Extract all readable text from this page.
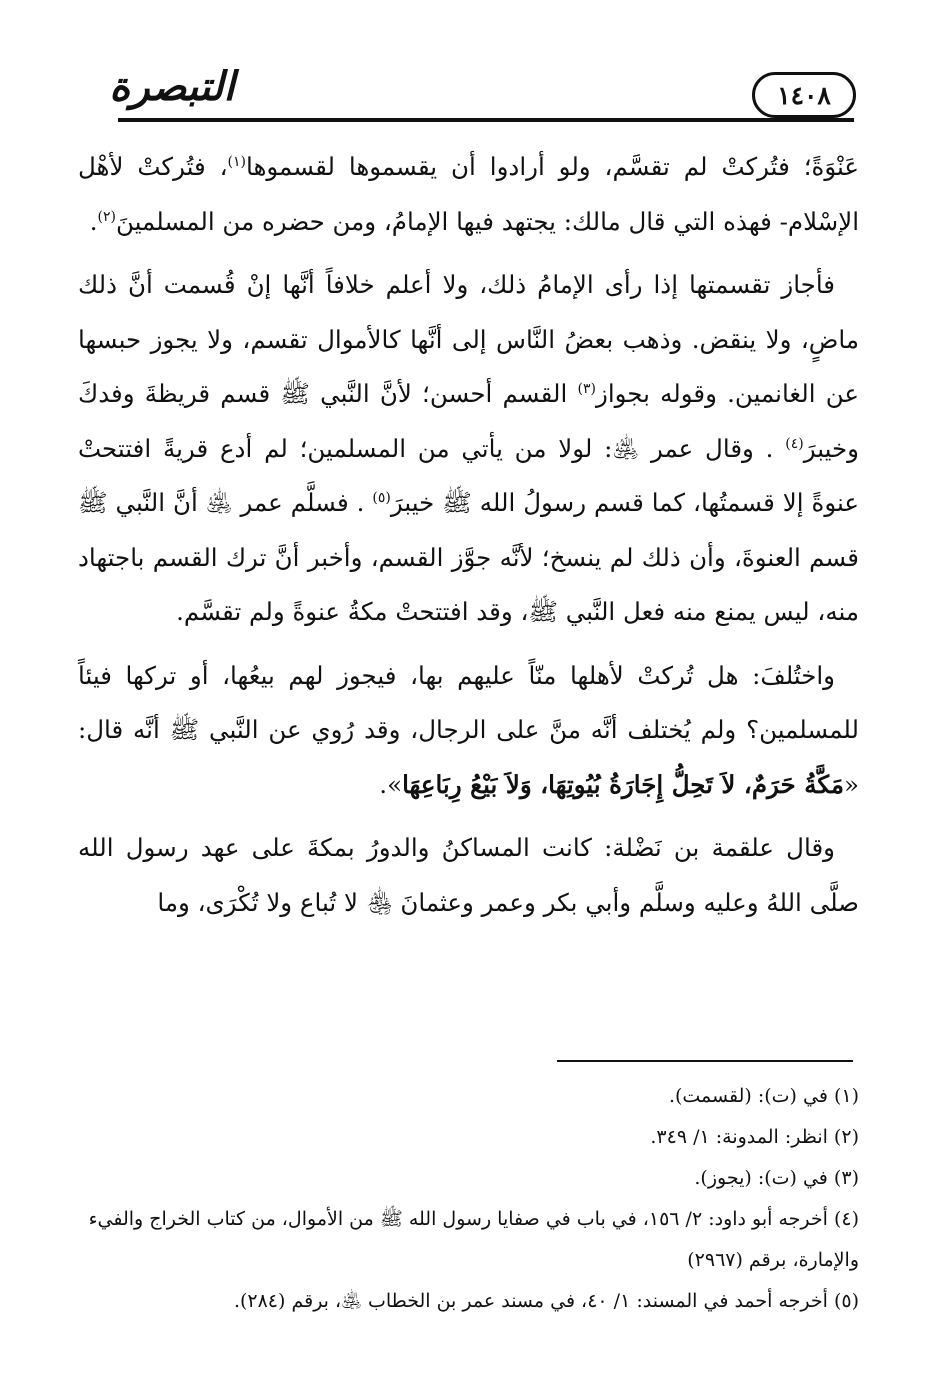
١٤٠٨
التبصرة

عَنْوَةً؛ فتُركتْ لم تقسَّم، ولو أرادوا أن يقسموها لقسموها$^{(١)}$، فتُركتْ لأهْل الإسْلام- فهذه التي قال مالك: يجتهد فيها الإمامُ، ومن حضره من المسلمينَ$^{(٢)}$.

فأجاز تقسمتها إذا رأى الإمامُ ذلك، ولا أعلم خلافاً أنَّها إنْ قُسمت أنَّ ذلك ماضٍ، ولا ينقض. وذهب بعضُ النَّاس إلى أنَّها كالأموال تقسم، ولا يجوز حبسها عن الغانمين. وقوله بجواز$^{(٣)}$ القسم أحسن؛ لأنَّ النَّبي ﷺ قسم قريظةَ وفدكَ وخيبرَ$^{(٤)}$ . وقال عمر ﵁: لولا من يأتي من المسلمين؛ لم أدع قريةً افتتحتْ عنوةً إلا قسمتُها، كما قسم رسولُ الله ﷺ خيبرَ$^{(٥)}$ . فسلَّم عمر ﵁ أنَّ النَّبي ﷺ قسم العنوةَ، وأن ذلك لم ينسخ؛ لأنَّه جوَّز القسم، وأخبر أنَّ ترك القسم باجتهاد منه، ليس يمنع منه فعل النَّبي ﷺ، وقد افتتحتْ مكةُ عنوةً ولم تقسَّم.

واختُلفَ: هل تُركتْ لأهلها منّاً عليهم بها، فيجوز لهم بيعُها، أو تركها فيئاً للمسلمين؟ ولم يُختلف أنَّه منَّ على الرجال، وقد رُوي عن النَّبي ﷺ أنَّه قال: «مَكَّةُ حَرَمٌ، لاَ تَحِلُّ إِجَارَةُ بُيُوتِهَا، وَلاَ بَيْعُ رِبَاعِهَا».

وقال علقمة بن نَضْلة: كانت المساكنُ والدورُ بمكةَ على عهد رسول الله صلَّى اللهُ وعليه وسلَّم وأبي بكر وعمر وعثمانَ ﵃ لا تُباع ولا تُكْرَى، وما

(١) في (ت): (لقسمت).

(٢) انظر: المدونة: ١/ ٣٤٩.

(٣) في (ت): (يجوز).

(٤) أخرجه أبو داود: ٢/ ١٥٦، في باب في صفايا رسول الله ﷺ من الأموال، من كتاب الخراج والفيء والإمارة، برقم (٢٩٦٧)

(٥) أخرجه أحمد في المسند: ١/ ٤٠، في مسند عمر بن الخطاب ﵁، برقم (٢٨٤).
